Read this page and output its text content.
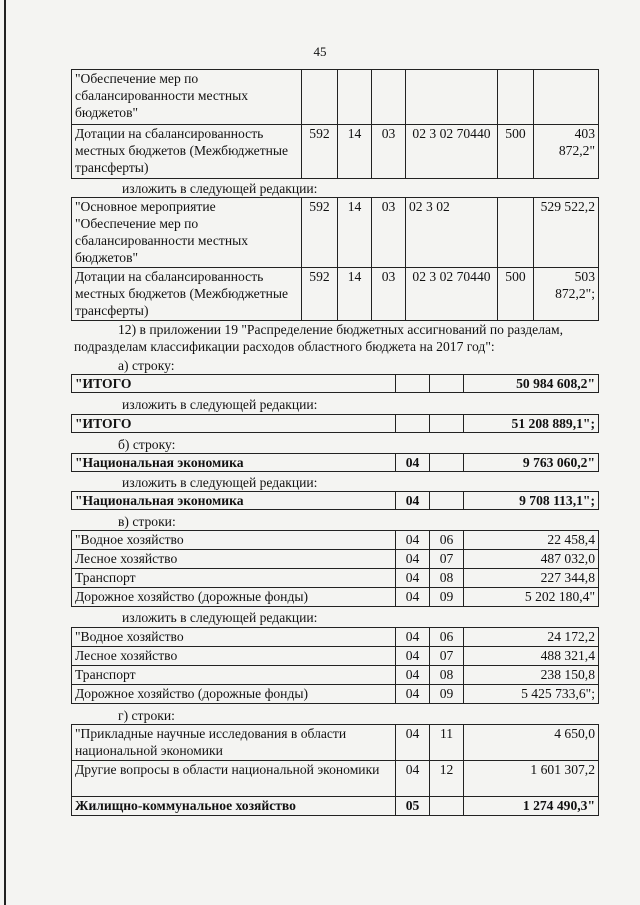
45
"Обеспечение мер по сбалансированности местных бюджетов"						
Дотации на сбалансированность местных бюджетов (Межбюджетные трансферты)	592	14	03	02 3 02 70440	500	403 872,2"
изложить в следующей редакции:
"Основное мероприятие "Обеспечение мер по сбалансированности местных бюджетов"	592	14	03	02 3 02		529 522,2
Дотации на сбалансированность местных бюджетов (Межбюджетные трансферты)	592	14	03	02 3 02 70440	500	503 872,2";
12) в приложении 19 "Распределение бюджетных ассигнований по разделам, подразделам классификации расходов областного бюджета на 2017 год":
а) строку:
"ИТОГО			50 984 608,2"
изложить в следующей редакции:
"ИТОГО			51 208 889,1";
б) строку:
"Национальная экономика	04		9 763 060,2"
изложить в следующей редакции:
"Национальная экономика	04		9 708 113,1";
в) строки:
"Водное хозяйство	04	06	22 458,4
Лесное хозяйство	04	07	487 032,0
Транспорт	04	08	227 344,8
Дорожное хозяйство (дорожные фонды)	04	09	5 202 180,4"
изложить в следующей редакции:
"Водное хозяйство	04	06	24 172,2
Лесное хозяйство	04	07	488 321,4
Транспорт	04	08	238 150,8
Дорожное хозяйство (дорожные фонды)	04	09	5 425 733,6";
г) строки:
"Прикладные научные исследования в области национальной экономики	04	11	4 650,0
Другие вопросы в области национальной экономики	04	12	1 601 307,2
Жилищно-коммунальное хозяйство	05		1 274 490,3"
